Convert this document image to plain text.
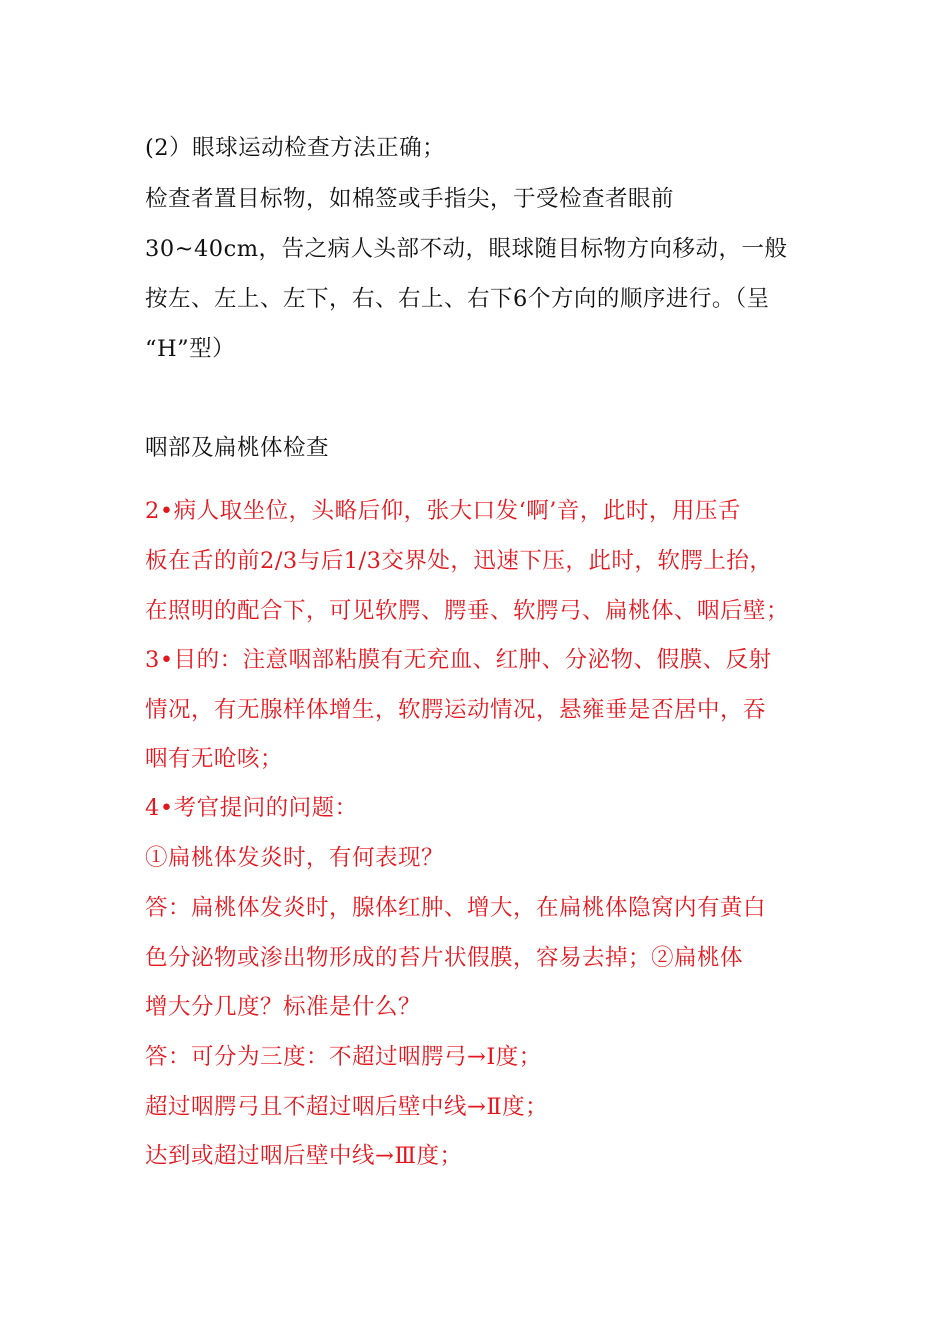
(2）眼球运动检查方法正确；
检查者置目标物，如棉签或手指尖，于受检查者眼前
30~40cm，告之病人头部不动，眼球随目标物方向移动，一般
按左、左上、左下，右、右上、右下6个方向的顺序进行。（呈
“H”型）
咽部及扁桃体检查
2•病人取坐位，头略后仰，张大口发‘啊’音，此时，用压舌
板在舌的前2/3与后1/3交界处，迅速下压，此时，软腭上抬，
在照明的配合下，可见软腭、腭垂、软腭弓、扁桃体、咽后壁；
3•目的：注意咽部粘膜有无充血、红肿、分泌物、假膜、反射
情况，有无腺样体增生，软腭运动情况，悬雍垂是否居中，吞
咽有无呛咳；
4•考官提问的问题：
①扁桃体发炎时，有何表现？
答：扁桃体发炎时，腺体红肿、增大，在扁桃体隐窝内有黄白
色分泌物或渗出物形成的苔片状假膜，容易去掉；②扁桃体
增大分几度？标准是什么？
答：可分为三度：不超过咽腭弓→Ⅰ度；
超过咽腭弓且不超过咽后壁中线→Ⅱ度；
达到或超过咽后壁中线→Ⅲ度；
